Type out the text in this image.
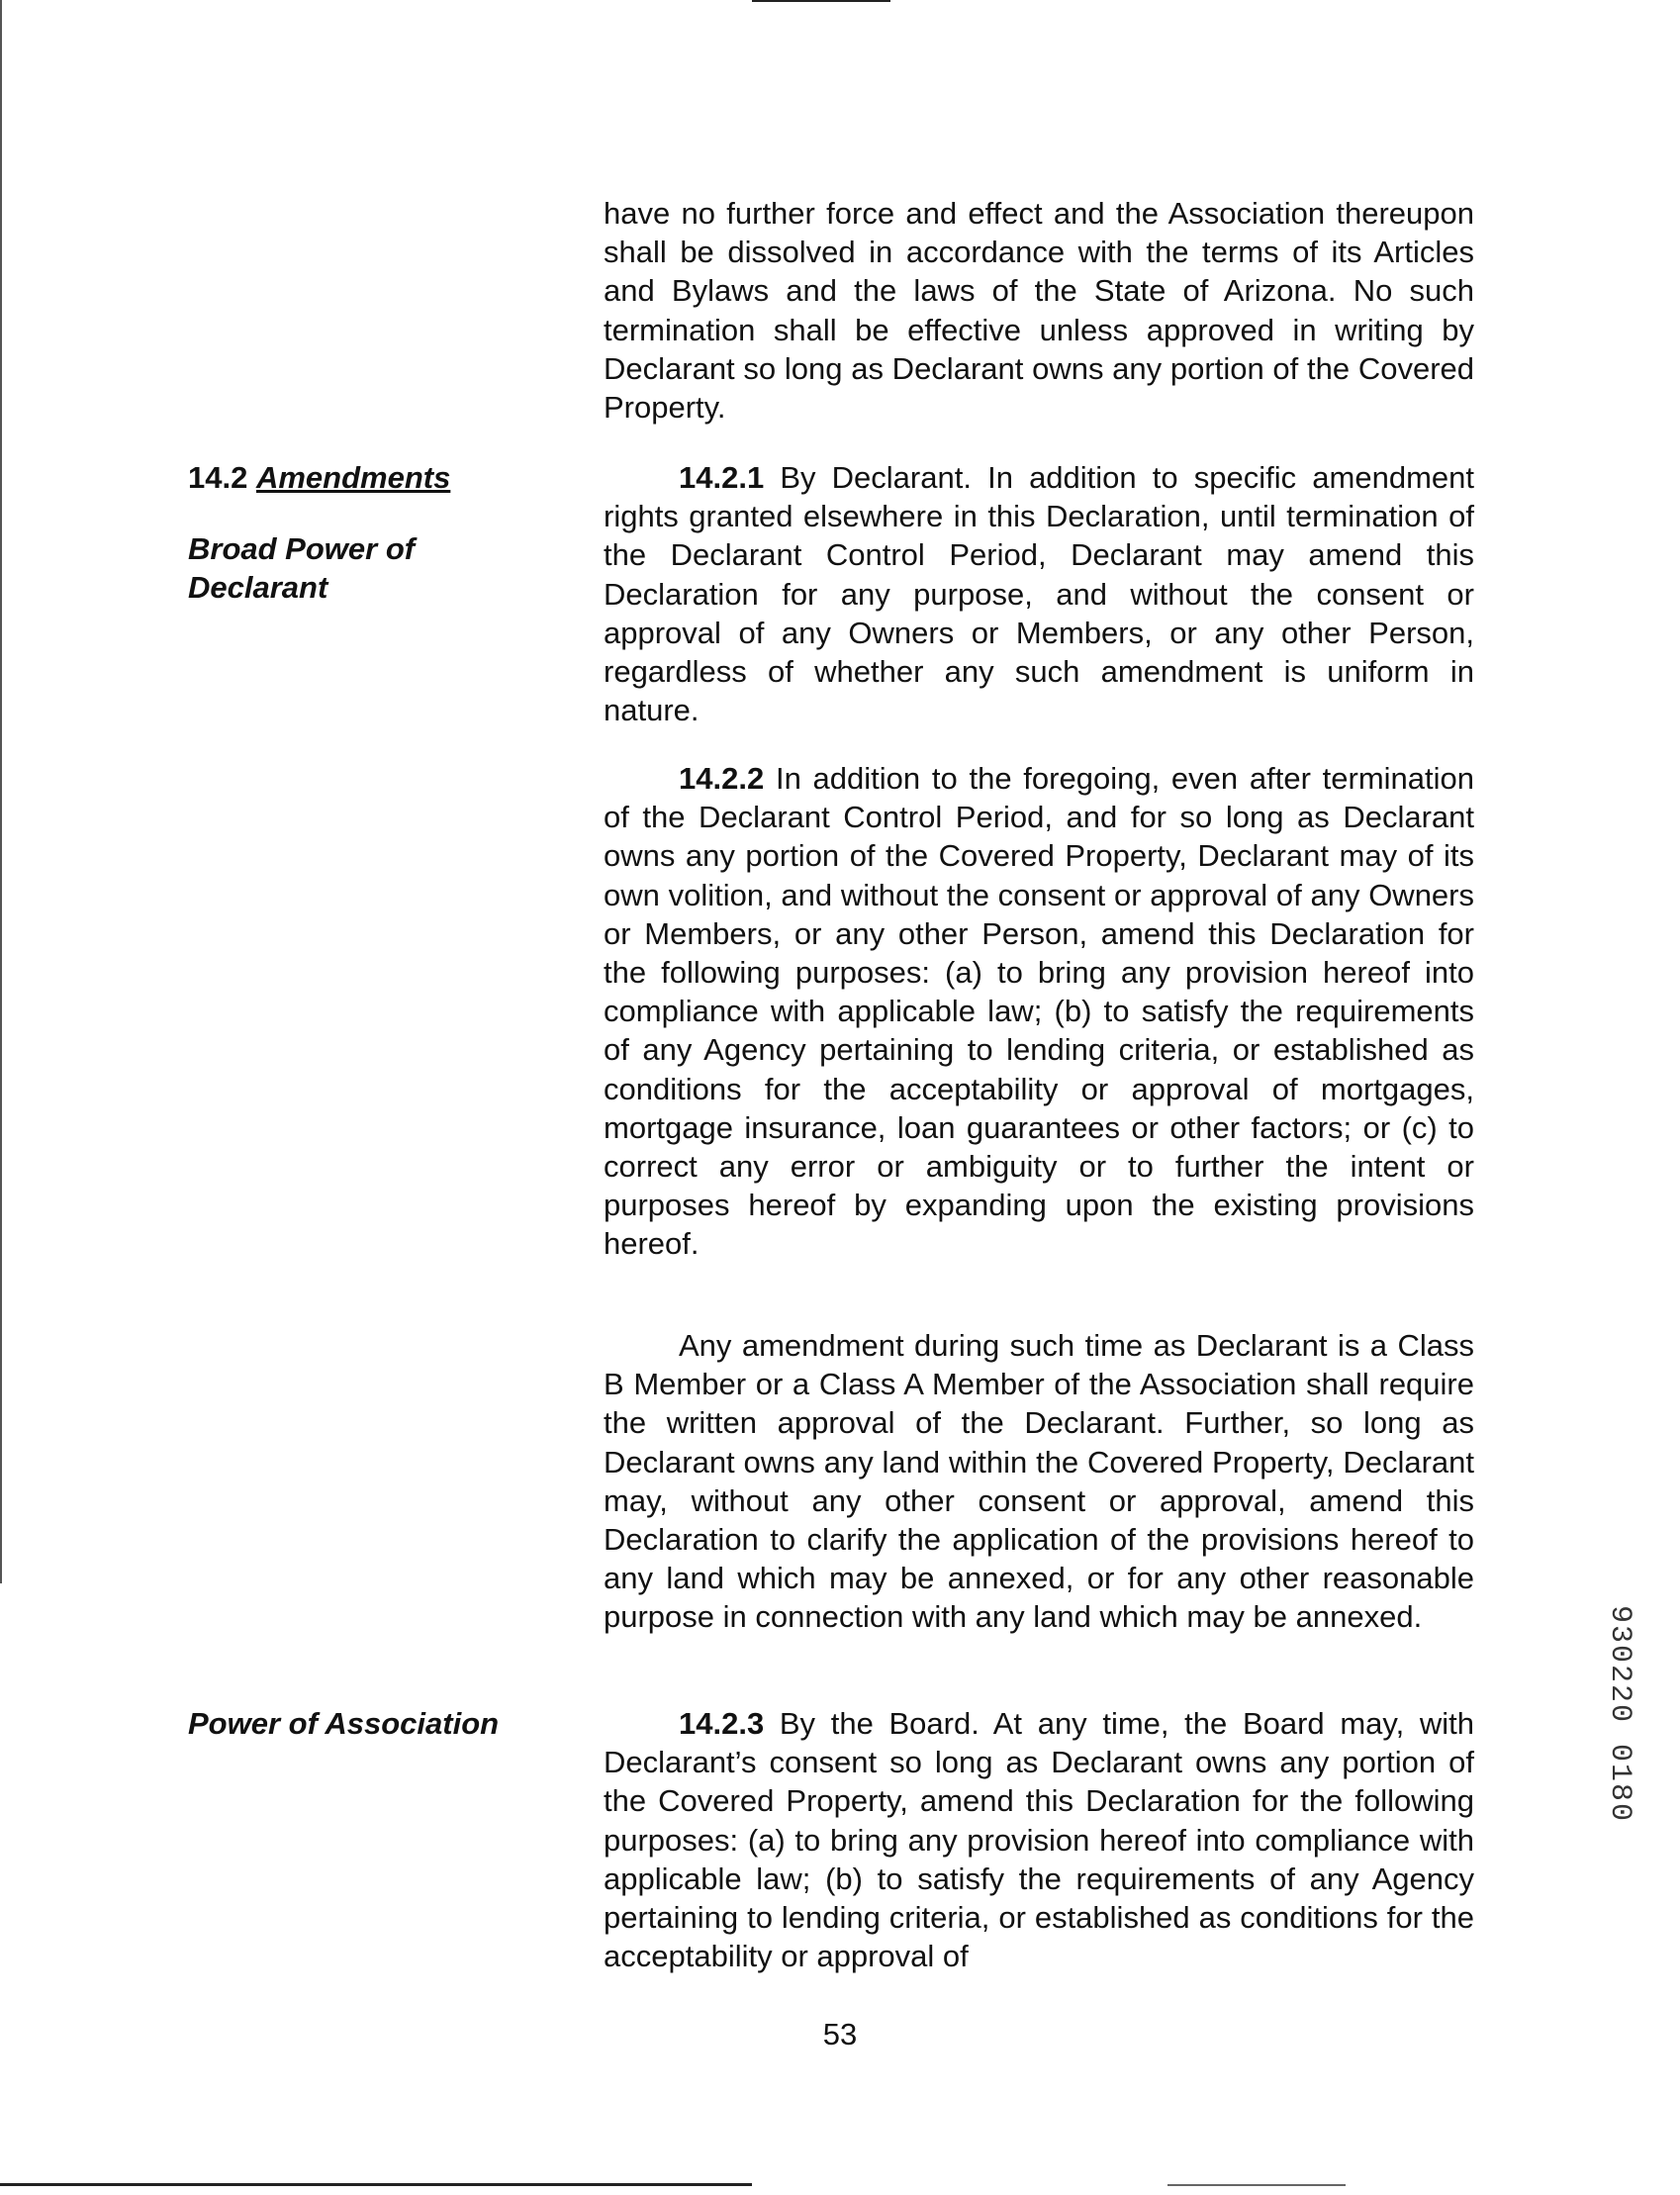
have no further force and effect and the Association thereupon shall be dissolved in accordance with the terms of its Articles and Bylaws and the laws of the State of Arizona. No such termination shall be effective unless approved in writing by Declarant so long as Declarant owns any portion of the Covered Property.

14.2 Amendments
Broad Power of Declarant

14.2.1 By Declarant. In addition to specific amendment rights granted elsewhere in this Declaration, until termination of the Declarant Control Period, Declarant may amend this Declaration for any purpose, and without the consent or approval of any Owners or Members, or any other Person, regardless of whether any such amendment is uniform in nature.

14.2.2 In addition to the foregoing, even after termination of the Declarant Control Period, and for so long as Declarant owns any portion of the Covered Property, Declarant may of its own volition, and without the consent or approval of any Owners or Members, or any other Person, amend this Declaration for the following purposes: (a) to bring any provision hereof into compliance with applicable law; (b) to satisfy the requirements of any Agency pertaining to lending criteria, or established as conditions for the acceptability or approval of mortgages, mortgage insurance, loan guarantees or other factors; or (c) to correct any error or ambiguity or to further the intent or purposes hereof by expanding upon the existing provisions hereof.

Any amendment during such time as Declarant is a Class B Member or a Class A Member of the Association shall require the written approval of the Declarant. Further, so long as Declarant owns any land within the Covered Property, Declarant may, without any other consent or approval, amend this Declaration to clarify the application of the provisions hereof to any land which may be annexed, or for any other reasonable purpose in connection with any land which may be annexed.

Power of Association	14.2.3 By the Board. At any time, the Board may, with Declarant’s consent so long as Declarant owns any portion of the Covered Property, amend this Declaration for the following purposes: (a) to bring any provision hereof into compliance with applicable law; (b) to satisfy the requirements of any Agency pertaining to lending criteria, or established as conditions for the acceptability or approval of

53
930220 0180
